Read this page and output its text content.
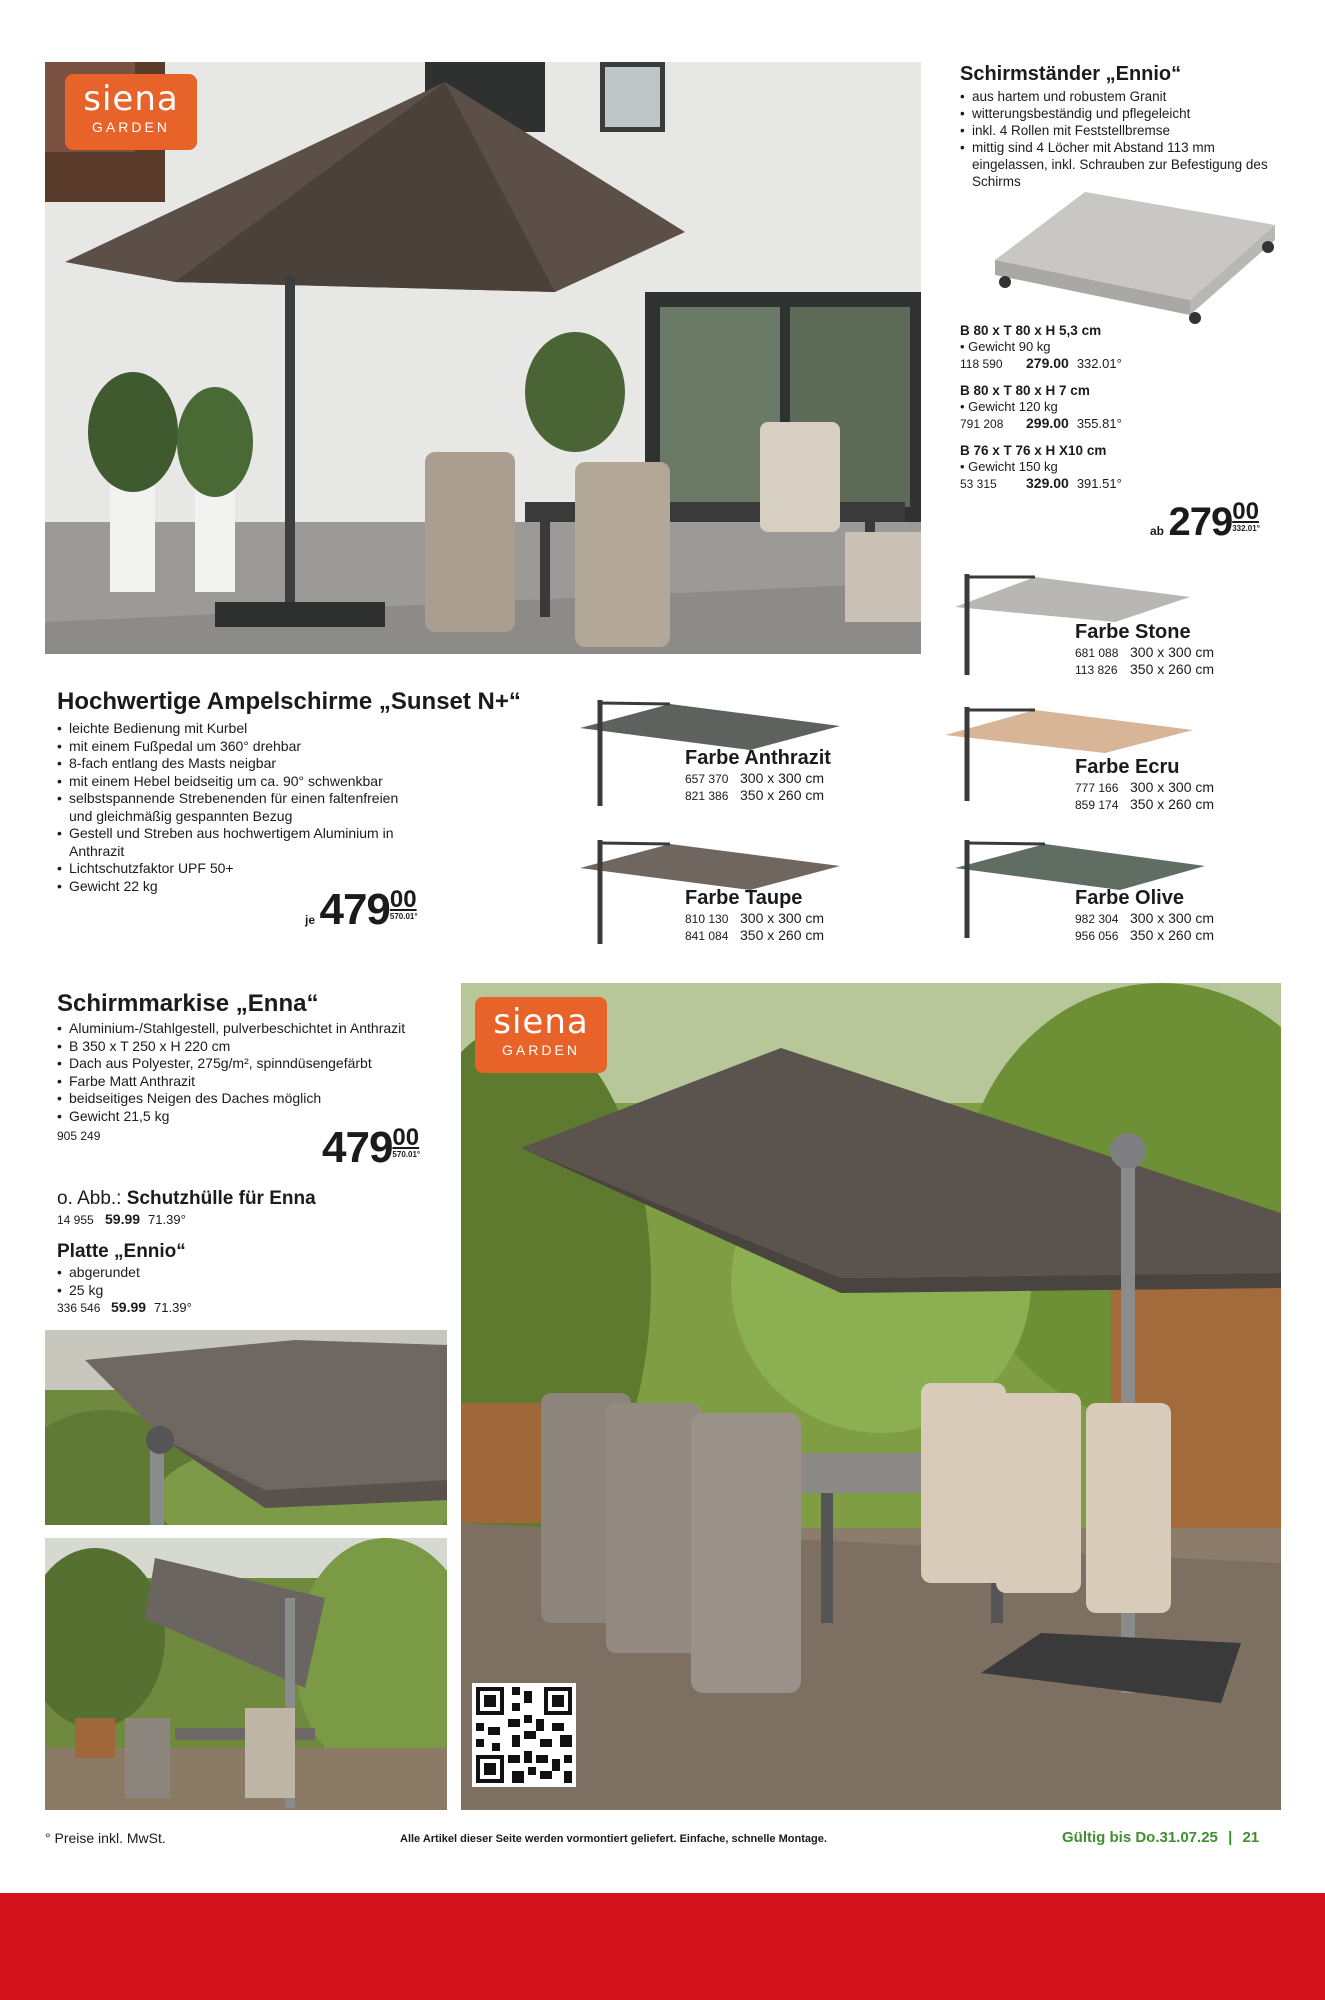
siena
GARDEN
Schirmständer „Ennio“
• aus hartem und robustem Granit
• witterungsbeständig und pflegeleicht
• inkl. 4 Rollen mit Feststellbremse
• mittig sind 4 Löcher mit Abstand 113 mm eingelassen, inkl. Schrauben zur Befestigung des Schirms
B 80 x T 80 x H 5,3 cm
• Gewicht 90 kg
118 590 279.00 332.01°
B 80 x T 80 x H 7 cm
• Gewicht 120 kg
791 208 299.00 355.81°
B 76 x T 76 x H X10 cm
• Gewicht 150 kg
53 315 329.00 391.51°
ab 279 00
332.01°
Hochwertige Ampelschirme „Sunset N+“
• leichte Bedienung mit Kurbel
• mit einem Fußpedal um 360° drehbar
• 8-fach entlang des Masts neigbar
• mit einem Hebel beidseitig um ca. 90° schwenkbar
• selbstspannende Strebenenden für einen faltenfreien und gleichmäßig gespannten Bezug
• Gestell und Streben aus hochwertigem Aluminium in Anthrazit
• Lichtschutzfaktor UPF 50+
• Gewicht 22 kg
je 479 00
570.01°
Farbe Stone
681 088 300 x 300 cm
113 826 350 x 260 cm
Farbe Anthrazit
657 370 300 x 300 cm
821 386 350 x 260 cm
Farbe Ecru
777 166 300 x 300 cm
859 174 350 x 260 cm
Farbe Taupe
810 130 300 x 300 cm
841 084 350 x 260 cm
Farbe Olive
982 304 300 x 300 cm
956 056 350 x 260 cm
Schirmmarkise „Enna“
• Aluminium-/Stahlgestell, pulverbeschichtet in Anthrazit
• B 350 x T 250 x H 220 cm
• Dach aus Polyester, 275g/m², spinndüsengefärbt
• Farbe Matt Anthrazit
• beidseitiges Neigen des Daches möglich
• Gewicht 21,5 kg
905 249	479 00
570.01°
o. Abb.: Schutzhülle für Enna
14 955 59.99 71.39°
Platte „Ennio“
• abgerundet
• 25 kg
336 546 59.99 71.39°
siena
GARDEN
° Preise inkl. MwSt.	Alle Artikel dieser Seite werden vormontiert geliefert. Einfache, schnelle Montage.	Gültig bis Do.31.07.25 | 21
